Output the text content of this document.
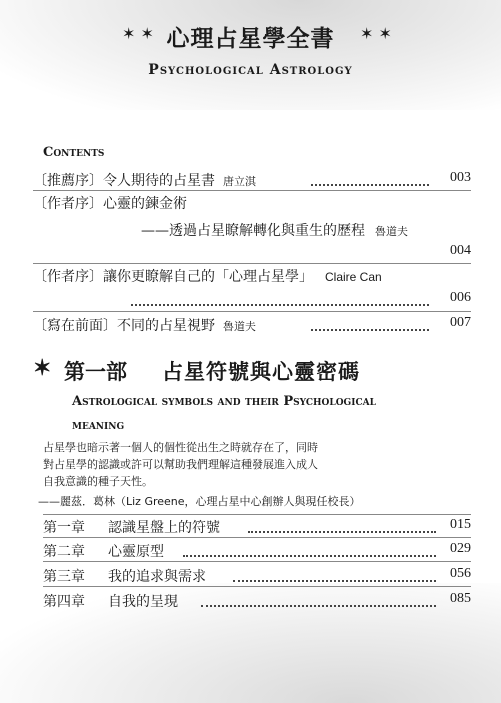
✶ ✶ 心理占星學全書	✶ ✶
Psychological Astrology
Contents
〔推薦序〕令人期待的占星書 唐立淇	003
〔作者序〕心靈的鍊金術
——透過占星瞭解轉化與重生的歷程 魯道夫
004
〔作者序〕讓你更瞭解自己的「心理占星學」 Claire Can
006
〔寫在前面〕不同的占星視野 魯道夫	007
✶ 第一部 占星符號與心靈密碼
Astrological symbols and their Psychological
meaning
占星學也暗示著一個人的個性從出生之時就存在了，同時
對占星學的認識或許可以幫助我們理解這種發展進入成人
自我意識的種子天性。
——麗茲．葛林（Liz Greene，心理占星中心創辦人與現任校長）
第一章 認識星盤上的符號	015
第二章 心靈原型	029
第三章 我的追求與需求	056
第四章 自我的呈現	085
